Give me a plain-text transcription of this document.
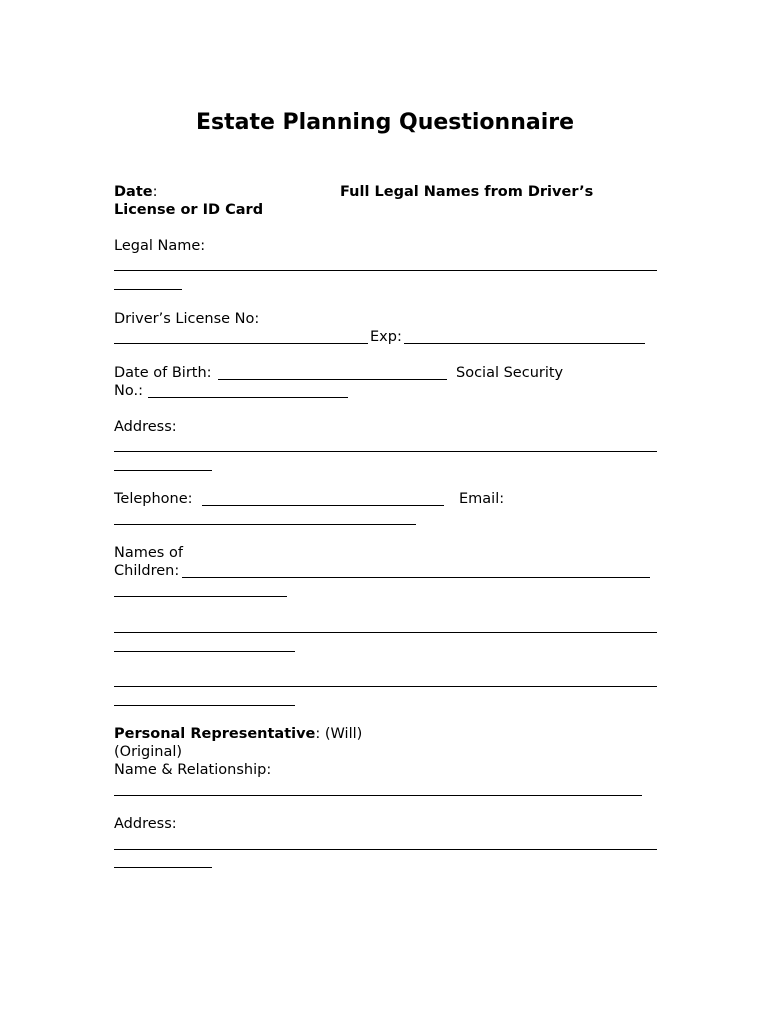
Estate Planning Questionnaire
Date:	Full Legal Names from Driver’s
License or ID Card
Legal Name:
Driver’s License No:
Exp:
Date of Birth:	Social Security
No.:
Address:
Telephone:	Email:
Names of
Children:
Personal Representative: (Will)
(Original)
Name & Relationship:
Address:
